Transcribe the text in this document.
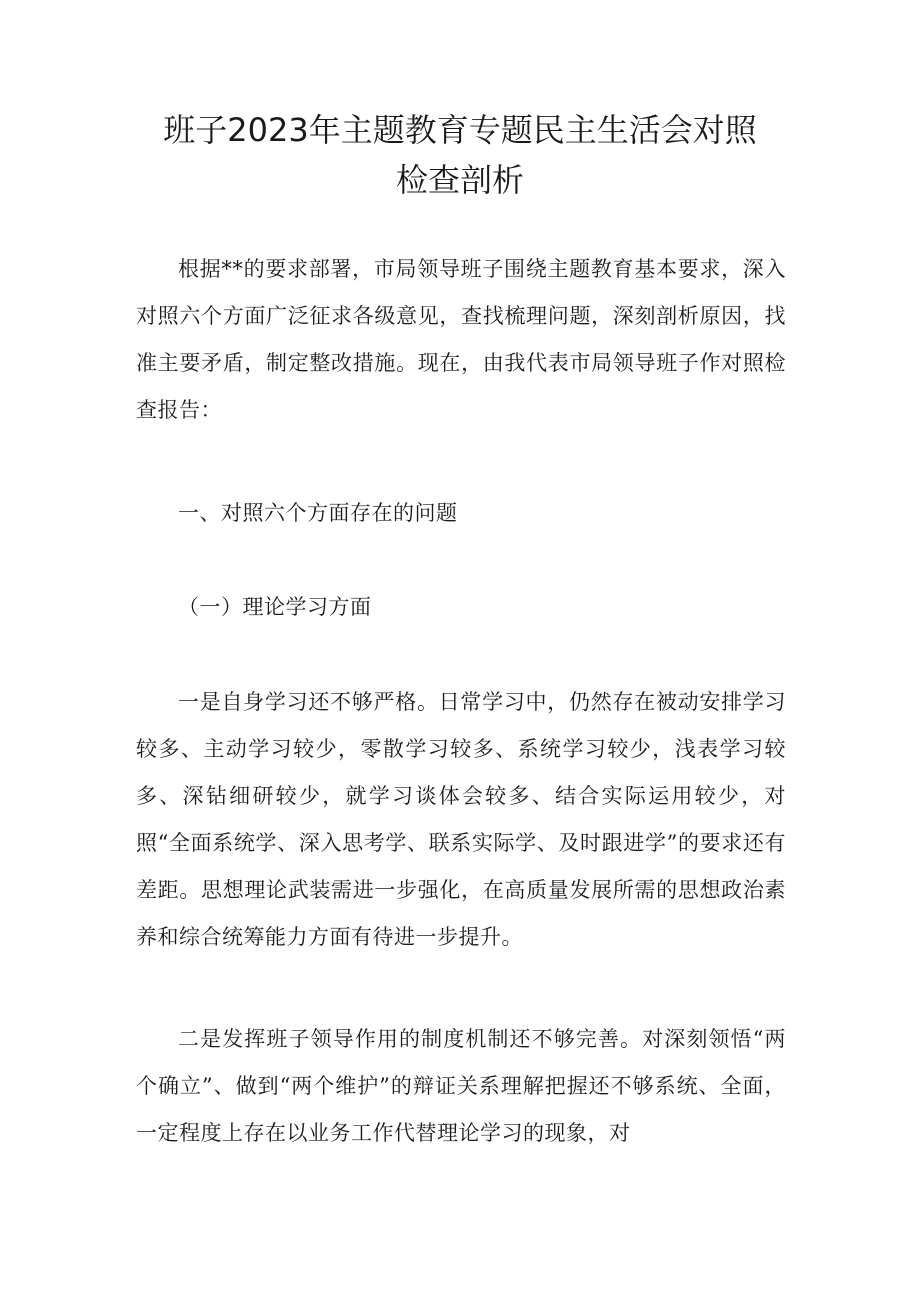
班子2023年主题教育专题民主生活会对照
检查剖析

根据**的要求部署，市局领导班子围绕主题教育基本要求，深入对照六个方面广泛征求各级意见，查找梳理问题，深刻剖析原因，找准主要矛盾，制定整改措施。现在，由我代表市局领导班子作对照检查报告：

一、对照六个方面存在的问题

（一）理论学习方面

一是自身学习还不够严格。日常学习中，仍然存在被动安排学习较多、主动学习较少，零散学习较多、系统学习较少，浅表学习较多、深钻细研较少，就学习谈体会较多、结合实际运用较少，对照“全面系统学、深入思考学、联系实际学、及时跟进学”的要求还有差距。思想理论武装需进一步强化，在高质量发展所需的思想政治素养和综合统筹能力方面有待进一步提升。

二是发挥班子领导作用的制度机制还不够完善。对深刻领悟“两个确立”、做到“两个维护”的辩证关系理解把握还不够系统、全面，一定程度上存在以业务工作代替理论学习的现象，对
